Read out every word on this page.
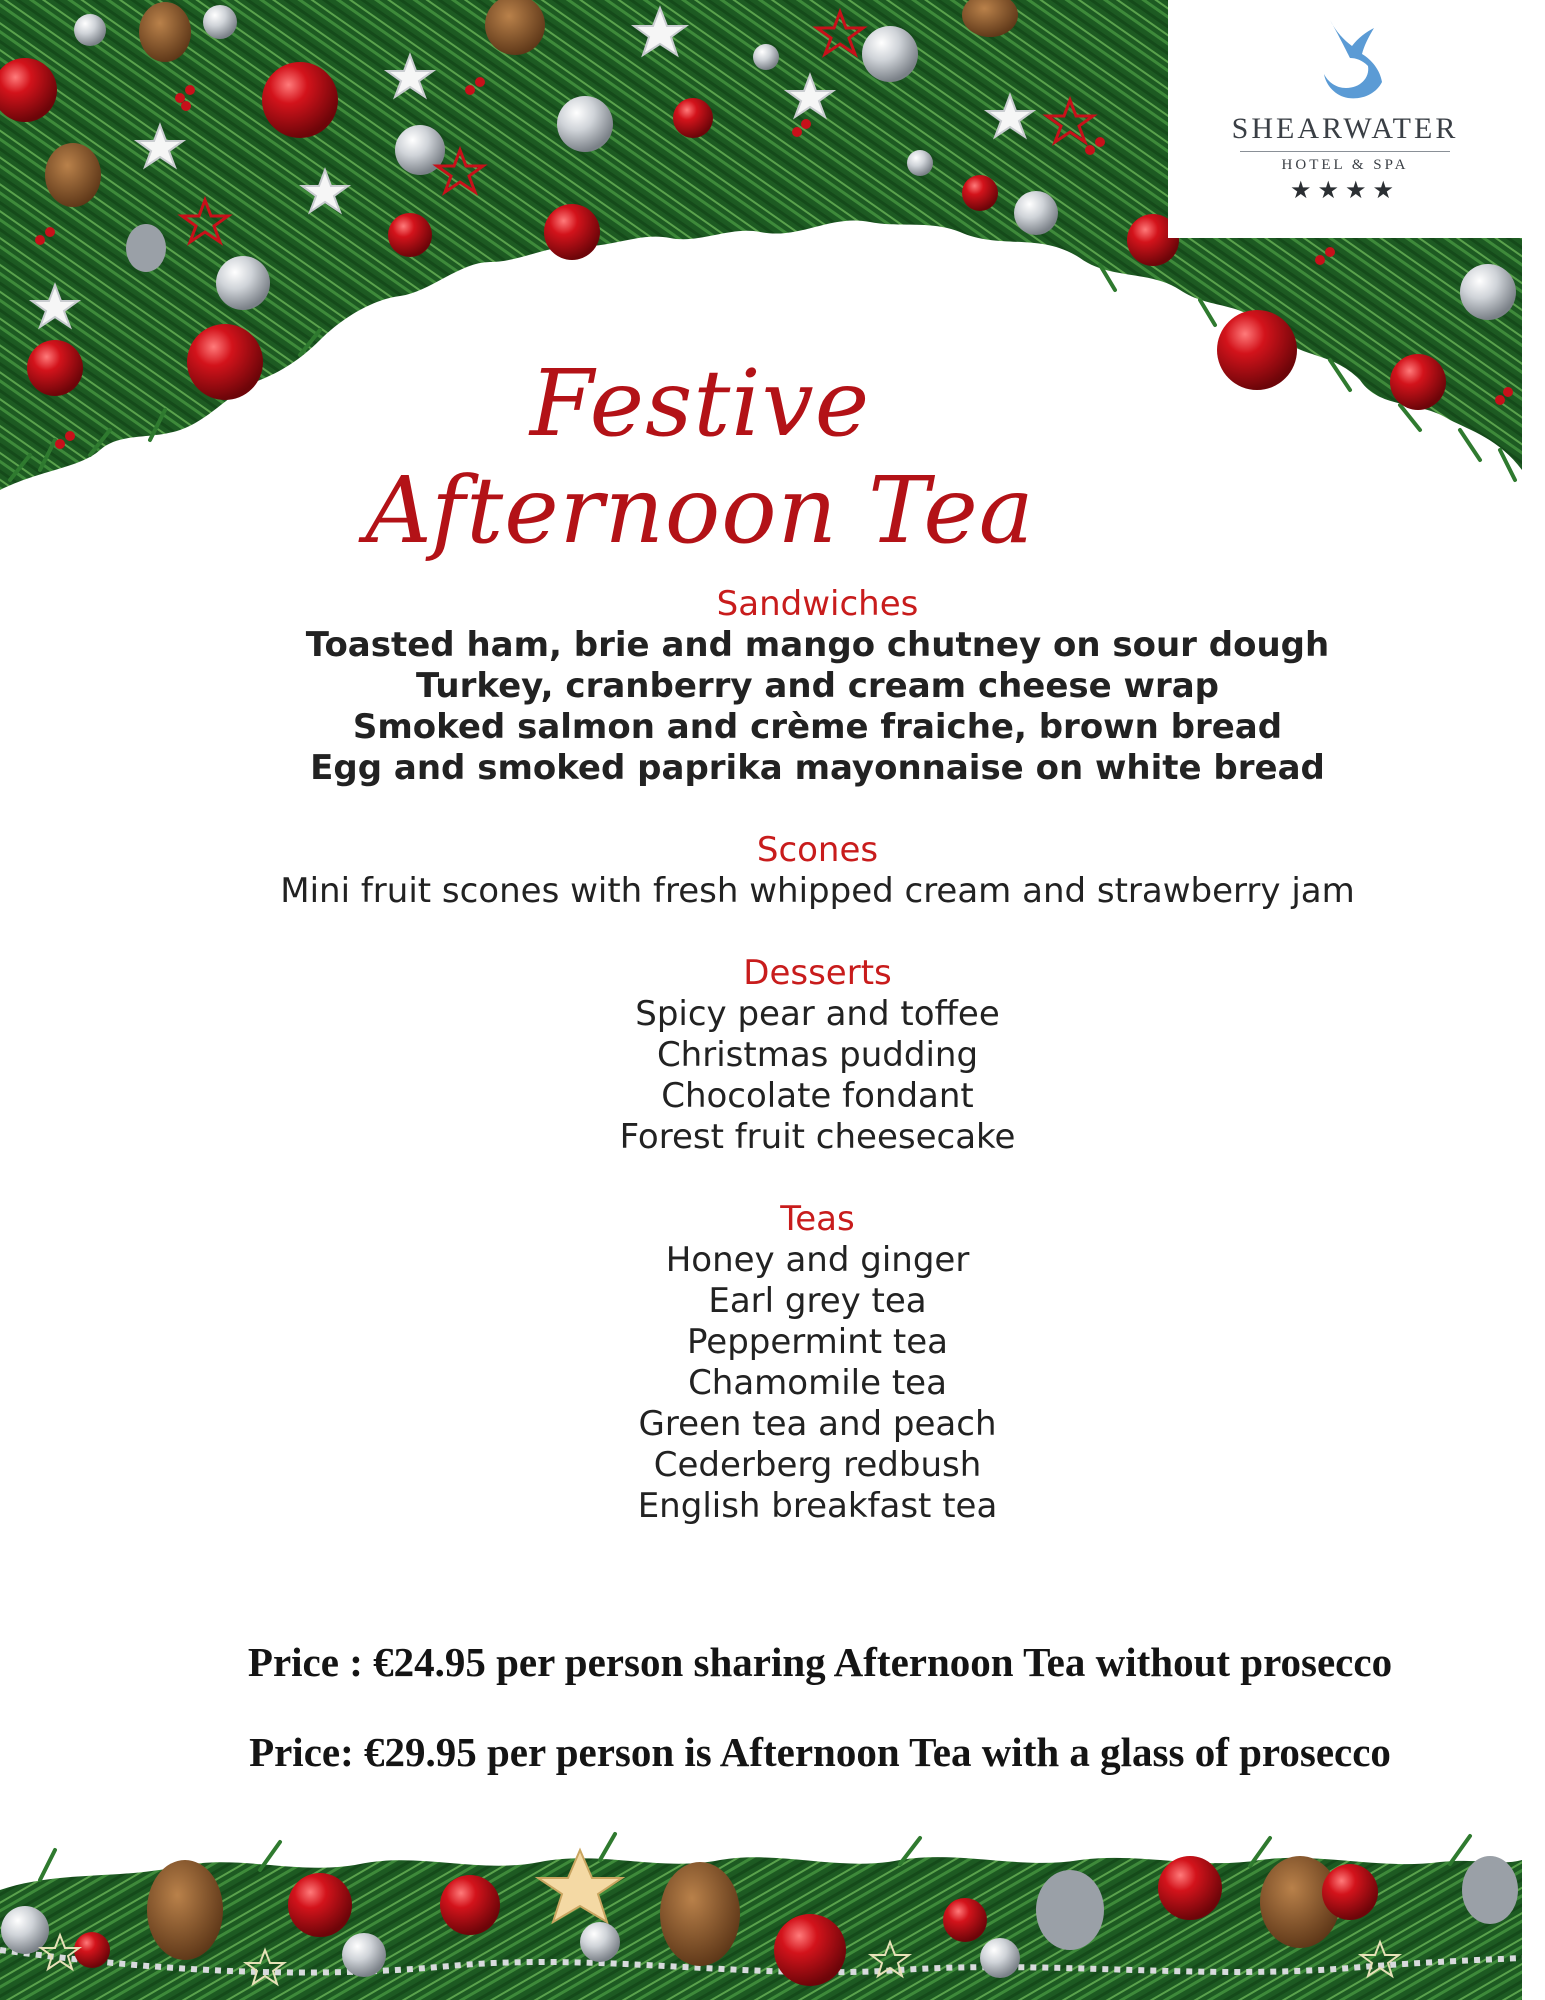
SHEARWATER
HOTEL & SPA
★★★★
Festive Afternoon Tea
Sandwiches
Toasted ham, brie and mango chutney on sour dough
Turkey, cranberry and cream cheese wrap
Smoked salmon and crème fraiche, brown bread
Egg and smoked paprika mayonnaise on white bread
Scones
Mini fruit scones with fresh whipped cream and strawberry jam
Desserts
Spicy pear and toffee
Christmas pudding
Chocolate fondant
Forest fruit cheesecake
Teas
Honey and ginger
Earl grey tea
Peppermint tea
Chamomile tea
Green tea and peach
Cederberg redbush
English breakfast tea
Price : €24.95 per person sharing Afternoon Tea without prosecco
Price: €29.95 per person is Afternoon Tea with a glass of prosecco
